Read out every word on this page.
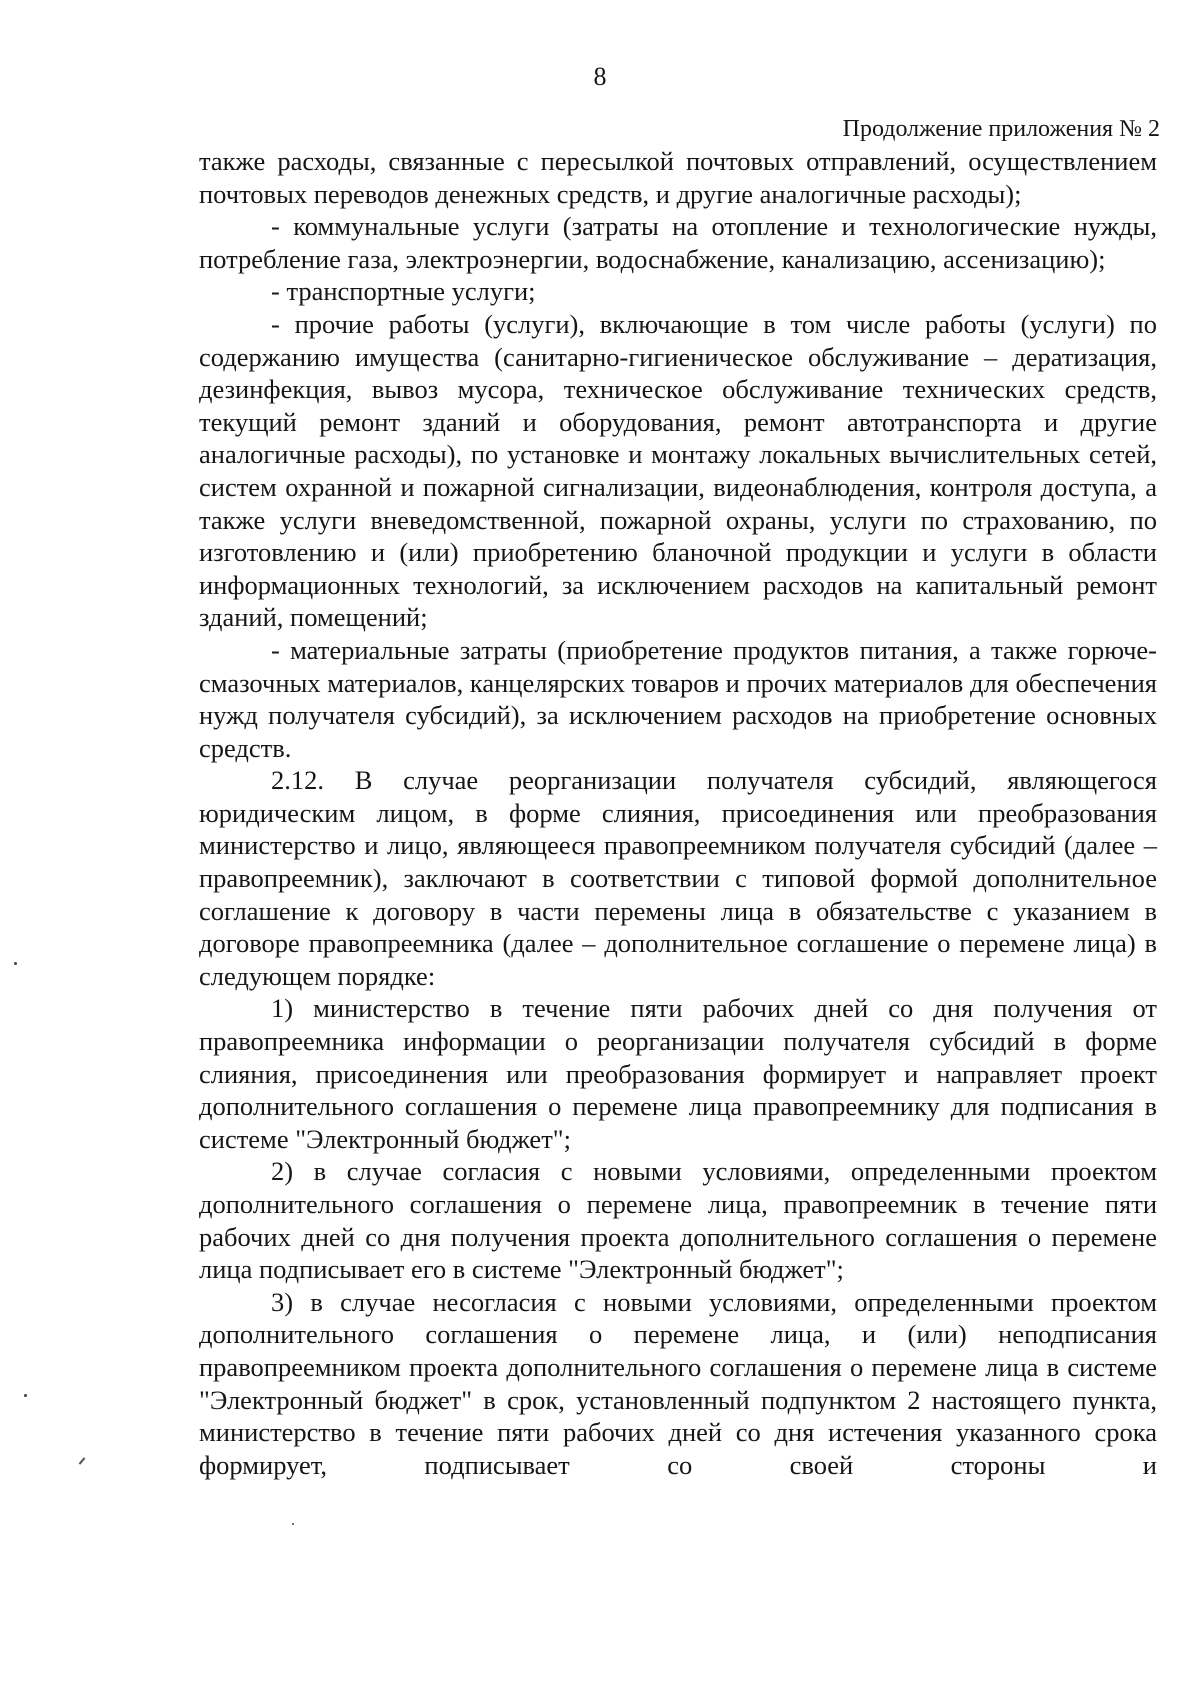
8
Продолжение приложения № 2

также расходы, связанные с пересылкой почтовых отправлений, осуществлением почтовых переводов денежных средств, и другие аналогичные расходы);

- коммунальные услуги (затраты на отопление и технологические нужды, потребление газа, электроэнергии, водоснабжение, канализацию, ассенизацию);

- транспортные услуги;

- прочие работы (услуги), включающие в том числе работы (услуги) по содержанию имущества (санитарно-гигиеническое обслуживание – дератизация, дезинфекция, вывоз мусора, техническое обслуживание технических средств, текущий ремонт зданий и оборудования, ремонт автотранспорта и другие аналогичные расходы), по установке и монтажу локальных вычислительных сетей, систем охранной и пожарной сигнализации, видеонаблюдения, контроля доступа, а также услуги вневедомственной, пожарной охраны, услуги по страхованию, по изготовлению и (или) приобретению бланочной продукции и услуги в области информационных технологий, за исключением расходов на капитальный ремонт зданий, помещений;

- материальные затраты (приобретение продуктов питания, а также горюче-смазочных материалов, канцелярских товаров и прочих материалов для обеспечения нужд получателя субсидий), за исключением расходов на приобретение основных средств.

2.12. В случае реорганизации получателя субсидий, являющегося юридическим лицом, в форме слияния, присоединения или преобразования министерство и лицо, являющееся правопреемником получателя субсидий (далее – правопреемник), заключают в соответствии с типовой формой дополнительное соглашение к договору в части перемены лица в обязательстве с указанием в договоре правопреемника (далее – дополнительное соглашение о перемене лица) в следующем порядке:

1) министерство в течение пяти рабочих дней со дня получения от правопреемника информации о реорганизации получателя субсидий в форме слияния, присоединения или преобразования формирует и направляет проект дополнительного соглашения о перемене лица правопреемнику для подписания в системе "Электронный бюджет";

2) в случае согласия с новыми условиями, определенными проектом дополнительного соглашения о перемене лица, правопреемник в течение пяти рабочих дней со дня получения проекта дополнительного соглашения о перемене лица подписывает его в системе "Электронный бюджет";

3) в случае несогласия с новыми условиями, определенными проектом дополнительного соглашения о перемене лица, и (или) неподписания правопреемником проекта дополнительного соглашения о перемене лица в системе "Электронный бюджет" в срок, установленный подпунктом 2 настоящего пункта, министерство в течение пяти рабочих дней со дня истечения указанного срока формирует, подписывает со своей стороны и
